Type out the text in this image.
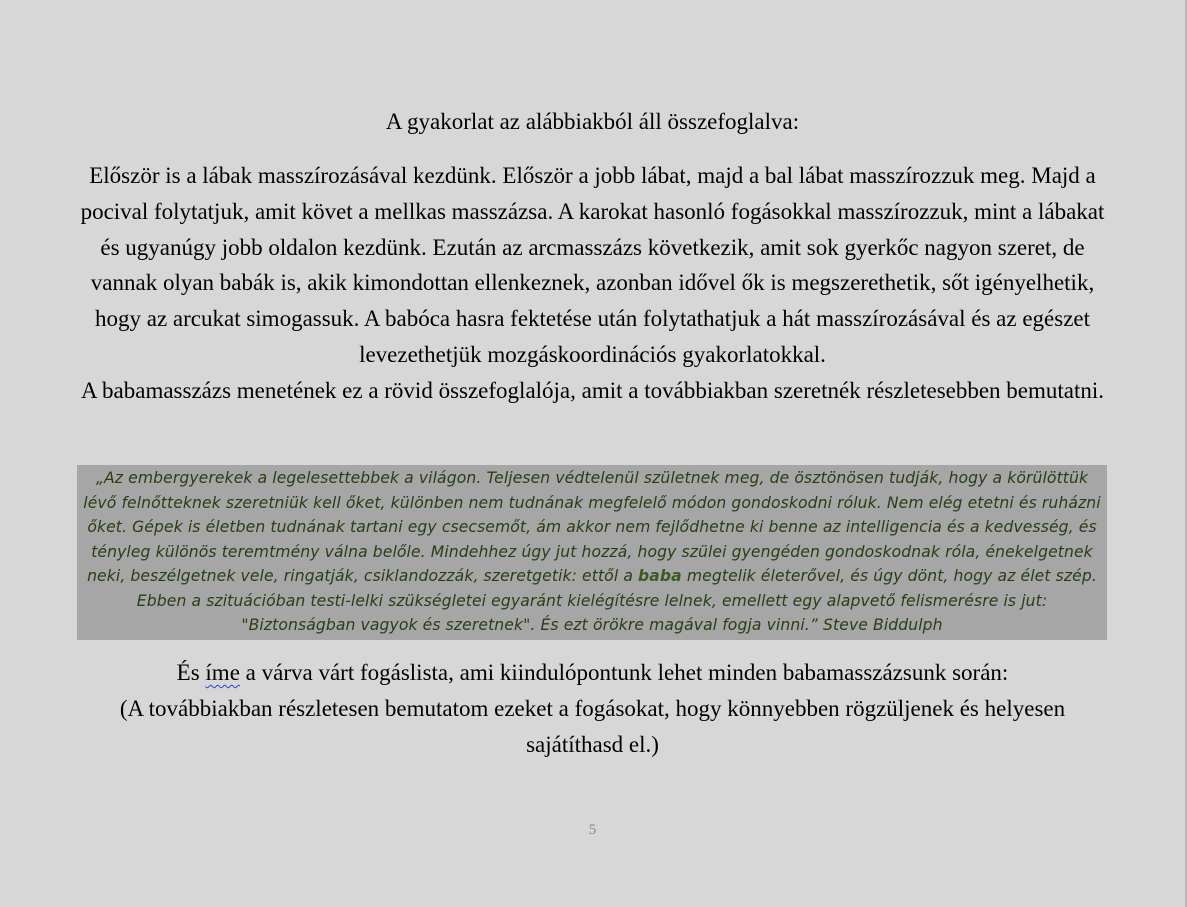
A gyakorlat az alábbiakból áll összefoglalva:

Először is a lábak masszírozásával kezdünk. Először a jobb lábat, majd a bal lábat masszírozzuk meg. Majd a pocival folytatjuk, amit követ a mellkas masszázsa. A karokat hasonló fogásokkal masszírozzuk, mint a lábakat és ugyanúgy jobb oldalon kezdünk. Ezután az arcmasszázs következik, amit sok gyerkőc nagyon szeret, de vannak olyan babák is, akik kimondottan ellenkeznek, azonban idővel ők is megszerethetik, sőt igényelhetik, hogy az arcukat simogassuk. A babóca hasra fektetése után folytathatjuk a hát masszírozásával és az egészet levezethetjük mozgáskoordinációs gyakorlatokkal.

A babamasszázs menetének ez a rövid összefoglalója, amit a továbbiakban szeretnék részletesebben bemutatni.

„Az embergyerekek a legelesettebbek a világon. Teljesen védtelenül születnek meg, de ösztönösen tudják, hogy a körülöttük lévő felnőtteknek szeretniük kell őket, különben nem tudnának megfelelő módon gondoskodni róluk. Nem elég etetni és ruházni őket. Gépek is életben tudnának tartani egy csecsemőt, ám akkor nem fejlődhetne ki benne az intelligencia és a kedvesség, és tényleg különös teremtmény válna belőle. Mindehhez úgy jut hozzá, hogy szülei gyengéden gondoskodnak róla, énekelgetnek neki, beszélgetnek vele, ringatják, csiklandozzák, szeretgetik: ettől a baba megtelik életerővel, és úgy dönt, hogy az élet szép. Ebben a szituációban testi-lelki szükségletei egyaránt kielégítésre lelnek, emellett egy alapvető felismerésre is jut: "Biztonságban vagyok és szeretnek". És ezt örökre magával fogja vinni.” Steve Biddulph

És íme a várva várt fogáslista, ami kiindulópontunk lehet minden babamasszázsunk során:

(A továbbiakban részletesen bemutatom ezeket a fogásokat, hogy könnyebben rögzüljenek és helyesen sajátíthasd el.)

5
